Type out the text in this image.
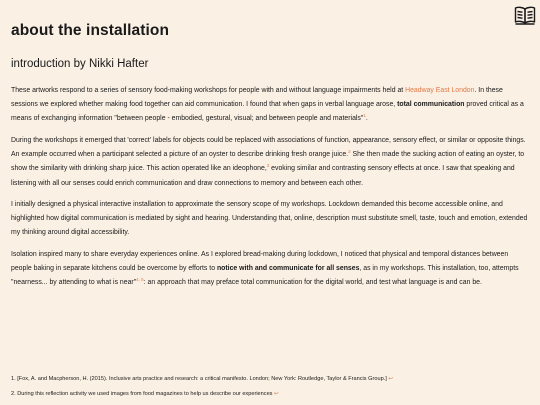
about the installation
introduction by Nikki Hafter

These artworks respond to a series of sensory food-making workshops for people with and without language impairments held at Headway East London. In these sessions we explored whether making food together can aid communication. I found that when gaps in verbal language arose, total communication proved critical as a means of exchanging information "between people - embodied, gestural, visual; and between people and materials"$^1$.

During the workshops it emerged that 'correct' labels for objects could be replaced with associations of function, appearance, sensory effect, or similar or opposite things. An example occurred when a participant selected a picture of an oyster to describe drinking fresh orange juice.$^2$ She then made the sucking action of eating an oyster, to show the similarity with drinking sharp juice. This action operated like an ideophone,$^3$ evoking similar and contrasting sensory effects at once. I saw that speaking and listening with all our senses could enrich communication and draw connections to memory and between each other.

I initially designed a physical interactive installation to approximate the sensory scope of my workshops. Lockdown demanded this become accessible online, and highlighted how digital communication is mediated by sight and hearing. Understanding that, online, description must substitute smell, taste, touch and emotion, extended my thinking around digital accessibility.

Isolation inspired many to share everyday experiences online. As I explored bread-making during lockdown, I noticed that physical and temporal distances between people baking in separate kitchens could be overcome by efforts to notice with and communicate for all senses, as in my workshops. This installation, too, attempts "nearness... by attending to what is near"$^{4, 5}$: an approach that may preface total communication for the digital world, and test what language is and can be.

1. [Fox, A. and Macpherson, H. (2015). Inclusive arts practice and research: a critical manifesto. London; New York: Routledge, Taylor & Francis Group.] ↩
2. During this reflection activity we used images from food magazines to help us describe our experiences ↩
